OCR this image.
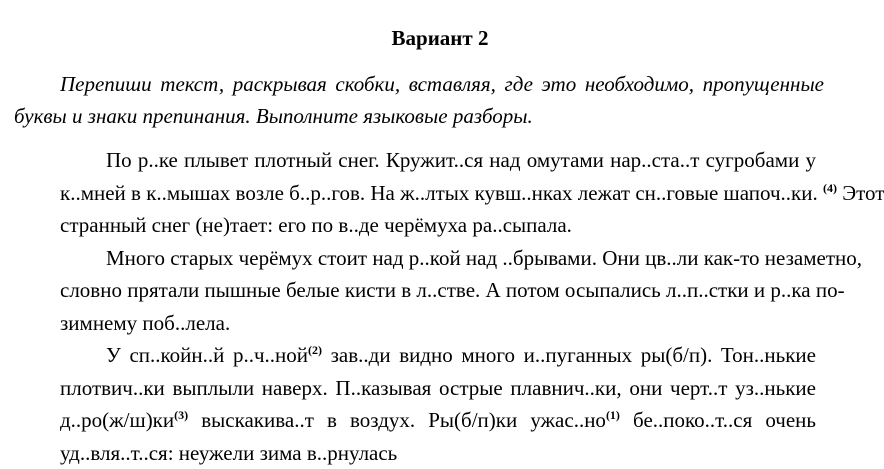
Вариант 2
Перепиши текст, раскрывая скобки, вставляя, где это необходимо, пропущенные буквы и знаки препинания. Выполните языковые разборы.
По р..ке плывет плотный снег. Кружит..ся над омутами нар..ста..т сугробами у
к..мней в к..мышах возле б..р..гов. На ж..лтых кувш..нках лежат сн..говые шапоч..ки. $^{(4)}$ Этот
странный снег (не)тает: его по в..де черёмуха ра..сыпала.
Много старых черёмух стоит над р..кой над ..брывами. Они цв..ли как-то незаметно,
словно прятали пышные белые кисти в л..стве. А потом осыпались л..п..стки и р..ка по-
зимнему поб..лела.
У сп..койн..й р..ч..ной$^{(2)}$ зав..ди видно много и..пуганных ры(б/п). Тон..нькие
плотвич..ки выплыли наверх. П..казывая острые плавнич..ки, они черт..т уз..нькие
$д..ро(ж/ш)ки^{(3)}$ выскакива..т в воздух. Ры(б/п)ки $ужас..но^{(1)}$ бе..поко..т..ся очень
уд..вля..т..ся: неужели зима в..рнулась
